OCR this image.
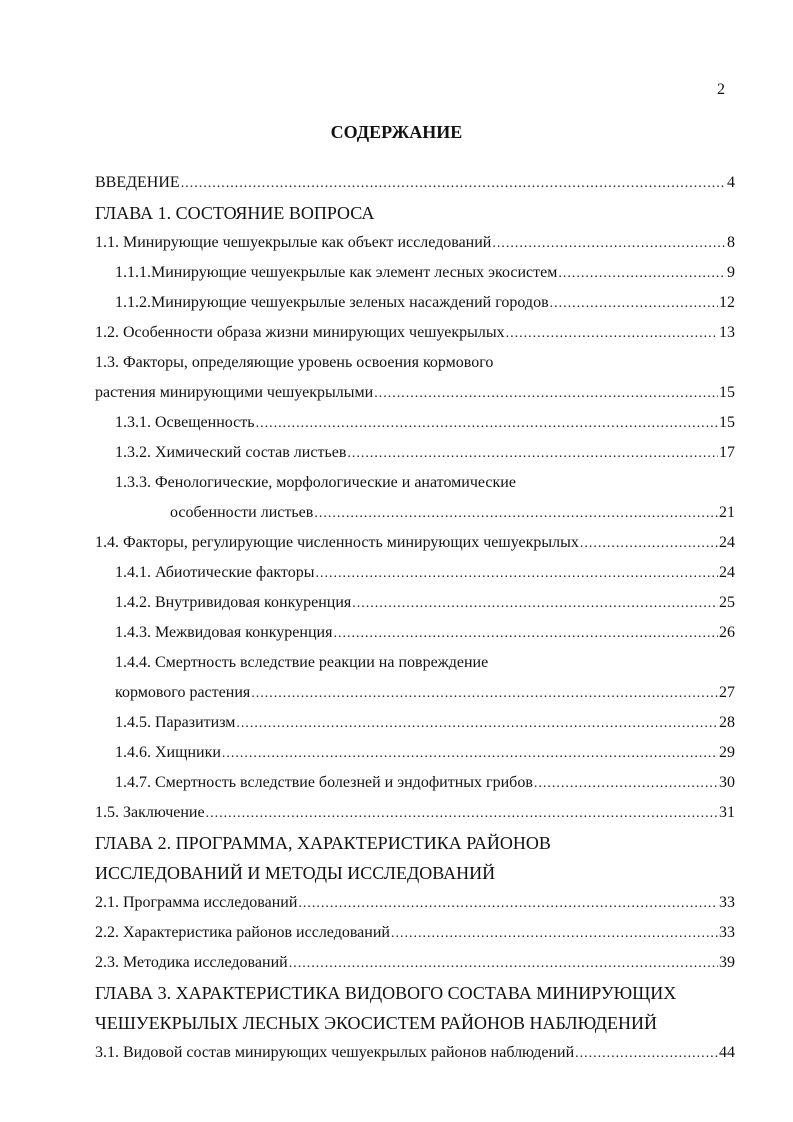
2
СОДЕРЖАНИЕ
ВВЕДЕНИЕ .....	4
ГЛАВА 1. СОСТОЯНИЕ ВОПРОСА
1.1. Минирующие чешуекрылые как объект исследований .....	8
1.1.1. Минирующие чешуекрылые как элемент лесных экосистем .....	9
1.1.2. Минирующие чешуекрылые зеленых насаждений городов .....	12
1.2. Особенности образа жизни минирующих чешуекрылых .....	13
1.3. Факторы, определяющие уровень освоения кормового
растения минирующими чешуекрылыми .....	15
1.3.1. Освещенность .....	15
1.3.2. Химический состав листьев .....	17
1.3.3. Фенологические, морфологические и анатомические
особенности листьев .....	21
1.4. Факторы, регулирующие численность минирующих чешуекрылых .....	24
1.4.1. Абиотические факторы .....	24
1.4.2. Внутривидовая конкуренция .....	25
1.4.3. Межвидовая конкуренция .....	26
1.4.4. Смертность вследствие реакции на повреждение
кормового растения .....	27
1.4.5. Паразитизм .....	28
1.4.6. Хищники .....	29
1.4.7. Смертность вследствие болезней и эндофитных грибов .....	30
1.5. Заключение .....	31
ГЛАВА 2. ПРОГРАММА, ХАРАКТЕРИСТИКА РАЙОНОВ
ИССЛЕДОВАНИЙ И МЕТОДЫ ИССЛЕДОВАНИЙ
2.1. Программа исследований .....	33
2.2. Характеристика районов исследований .....	33
2.3. Методика исследований .....	39
ГЛАВА 3. ХАРАКТЕРИСТИКА ВИДОВОГО СОСТАВА МИНИРУЮЩИХ
ЧЕШУЕКРЫЛЫХ ЛЕСНЫХ ЭКОСИСТЕМ РАЙОНОВ НАБЛЮДЕНИЙ
3.1. Видовой состав минирующих чешуекрылых районов наблюдений .....	44
